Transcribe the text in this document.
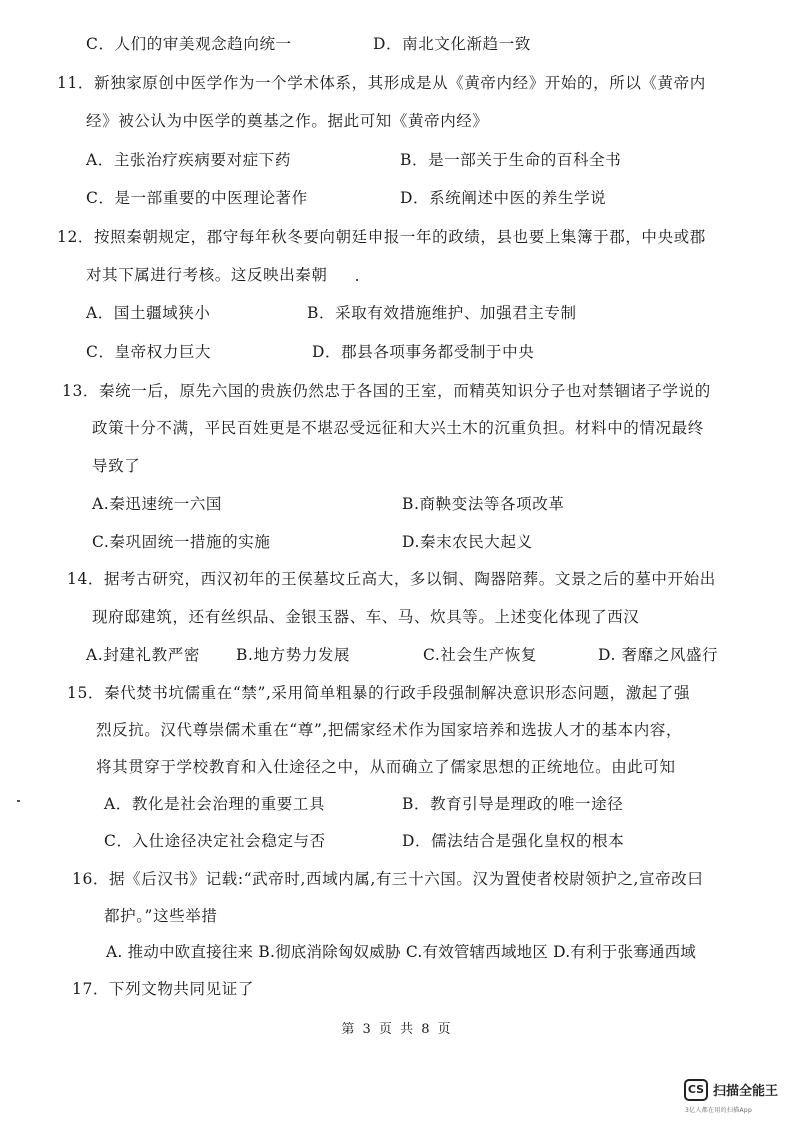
C．人们的审美观念趋向统一	D．南北文化渐趋一致
11．新独家原创中医学作为一个学术体系，其形成是从《黄帝内经》开始的，所以《黄帝内
经》被公认为中医学的奠基之作。据此可知《黄帝内经》
A．主张治疗疾病要对症下药	B．是一部关于生命的百科全书
C．是一部重要的中医理论著作	D．系统阐述中医的养生学说
12．按照秦朝规定，郡守每年秋冬要向朝廷申报一年的政绩，县也要上集簿于郡，中央或郡
对其下属进行考核。这反映出秦朝
A．国土疆域狭小	B．采取有效措施维护、加强君主专制
C．皇帝权力巨大	D．郡县各项事务都受制于中央
13．秦统一后，原先六国的贵族仍然忠于各国的王室，而精英知识分子也对禁锢诸子学说的
政策十分不满，平民百姓更是不堪忍受远征和大兴土木的沉重负担。材料中的情况最终
导致了
A.秦迅速统一六国	B.商鞅变法等各项改革
C.秦巩固统一措施的实施	D.秦末农民大起义
14．据考古研究，西汉初年的王侯墓坟丘高大，多以铜、陶器陪葬。文景之后的墓中开始出
现府邸建筑，还有丝织品、金银玉器、车、马、炊具等。上述变化体现了西汉
A.封建礼教严密 B.地方势力发展	C.社会生产恢复	D. 奢靡之风盛行
15．秦代焚书坑儒重在“禁”,采用简单粗暴的行政手段强制解决意识形态问题，激起了强
烈反抗。汉代尊崇儒术重在“尊”,把儒家经术作为国家培养和选拔人才的基本内容，
将其贯穿于学校教育和入仕途径之中，从而确立了儒家思想的正统地位。由此可知
A．教化是社会治理的重要工具	B．教育引导是理政的唯一途径
C．入仕途径决定社会稳定与否	D．儒法结合是强化皇权的根本
16．据《后汉书》记载:“武帝时,西域内属,有三十六国。汉为置使者校尉领护之,宣帝改曰
都护。”这些举措
A. 推动中欧直接往来 B.彻底消除匈奴威胁 C.有效管辖西域地区 D.有利于张骞通西域
17．下列文物共同见证了
第 3 页 共 8 页
CS 扫描全能王
3亿人都在用的扫描App
